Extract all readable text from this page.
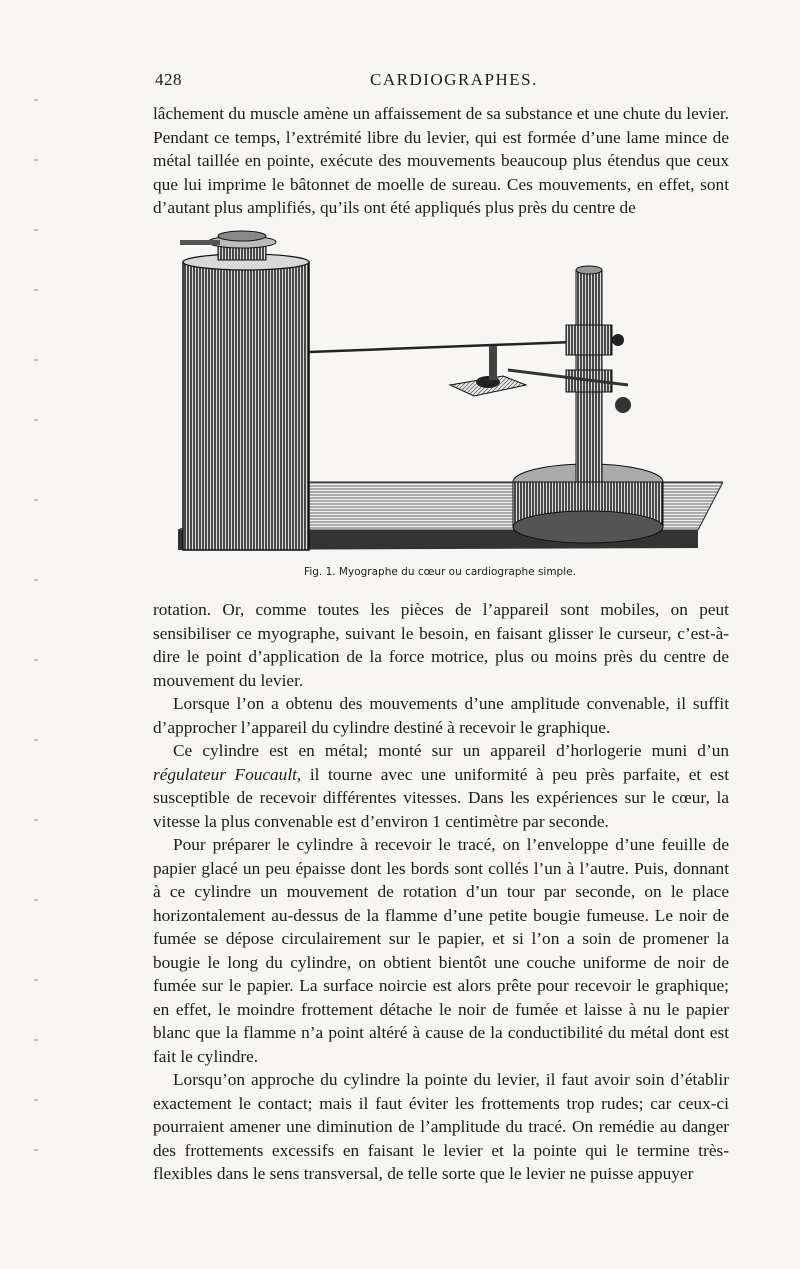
428	CARDIOGRAPHES.

lâchement du muscle amène un affaissement de sa substance et une chute du levier. Pendant ce temps, l’extrémité libre du levier, qui est formée d’une lame mince de métal taillée en pointe, exécute des mouvements beaucoup plus étendus que ceux que lui imprime le bâtonnet de moelle de sureau. Ces mouvements, en effet, sont d’autant plus amplifiés, qu’ils ont été appliqués plus près du centre de

Fig. 1. Myographe du cœur ou cardiographe simple.

rotation. Or, comme toutes les pièces de l’appareil sont mobiles, on peut sensibiliser ce myographe, suivant le besoin, en faisant glisser le curseur, c’est-à-dire le point d’application de la force motrice, plus ou moins près du centre de mouvement du levier.

Lorsque l’on a obtenu des mouvements d’une amplitude convenable, il suffit d’approcher l’appareil du cylindre destiné à recevoir le graphique.

Ce cylindre est en métal; monté sur un appareil d’horlogerie muni d’un régulateur Foucault, il tourne avec une uniformité à peu près parfaite, et est susceptible de recevoir différentes vitesses. Dans les expériences sur le cœur, la vitesse la plus convenable est d’environ 1 centimètre par seconde.

Pour préparer le cylindre à recevoir le tracé, on l’enveloppe d’une feuille de papier glacé un peu épaisse dont les bords sont collés l’un à l’autre. Puis, donnant à ce cylindre un mouvement de rotation d’un tour par seconde, on le place horizontalement au-dessus de la flamme d’une petite bougie fumeuse. Le noir de fumée se dépose circulairement sur le papier, et si l’on a soin de promener la bougie le long du cylindre, on obtient bientôt une couche uniforme de noir de fumée sur le papier. La surface noircie est alors prête pour recevoir le graphique; en effet, le moindre frottement détache le noir de fumée et laisse à nu le papier blanc que la flamme n’a point altéré à cause de la conductibilité du métal dont est fait le cylindre.

Lorsqu’on approche du cylindre la pointe du levier, il faut avoir soin d’établir exactement le contact; mais il faut éviter les frottements trop rudes; car ceux-ci pourraient amener une diminution de l’amplitude du tracé. On remédie au danger des frottements excessifs en faisant le levier et la pointe qui le termine très-flexibles dans le sens transversal, de telle sorte que le levier ne puisse appuyer
